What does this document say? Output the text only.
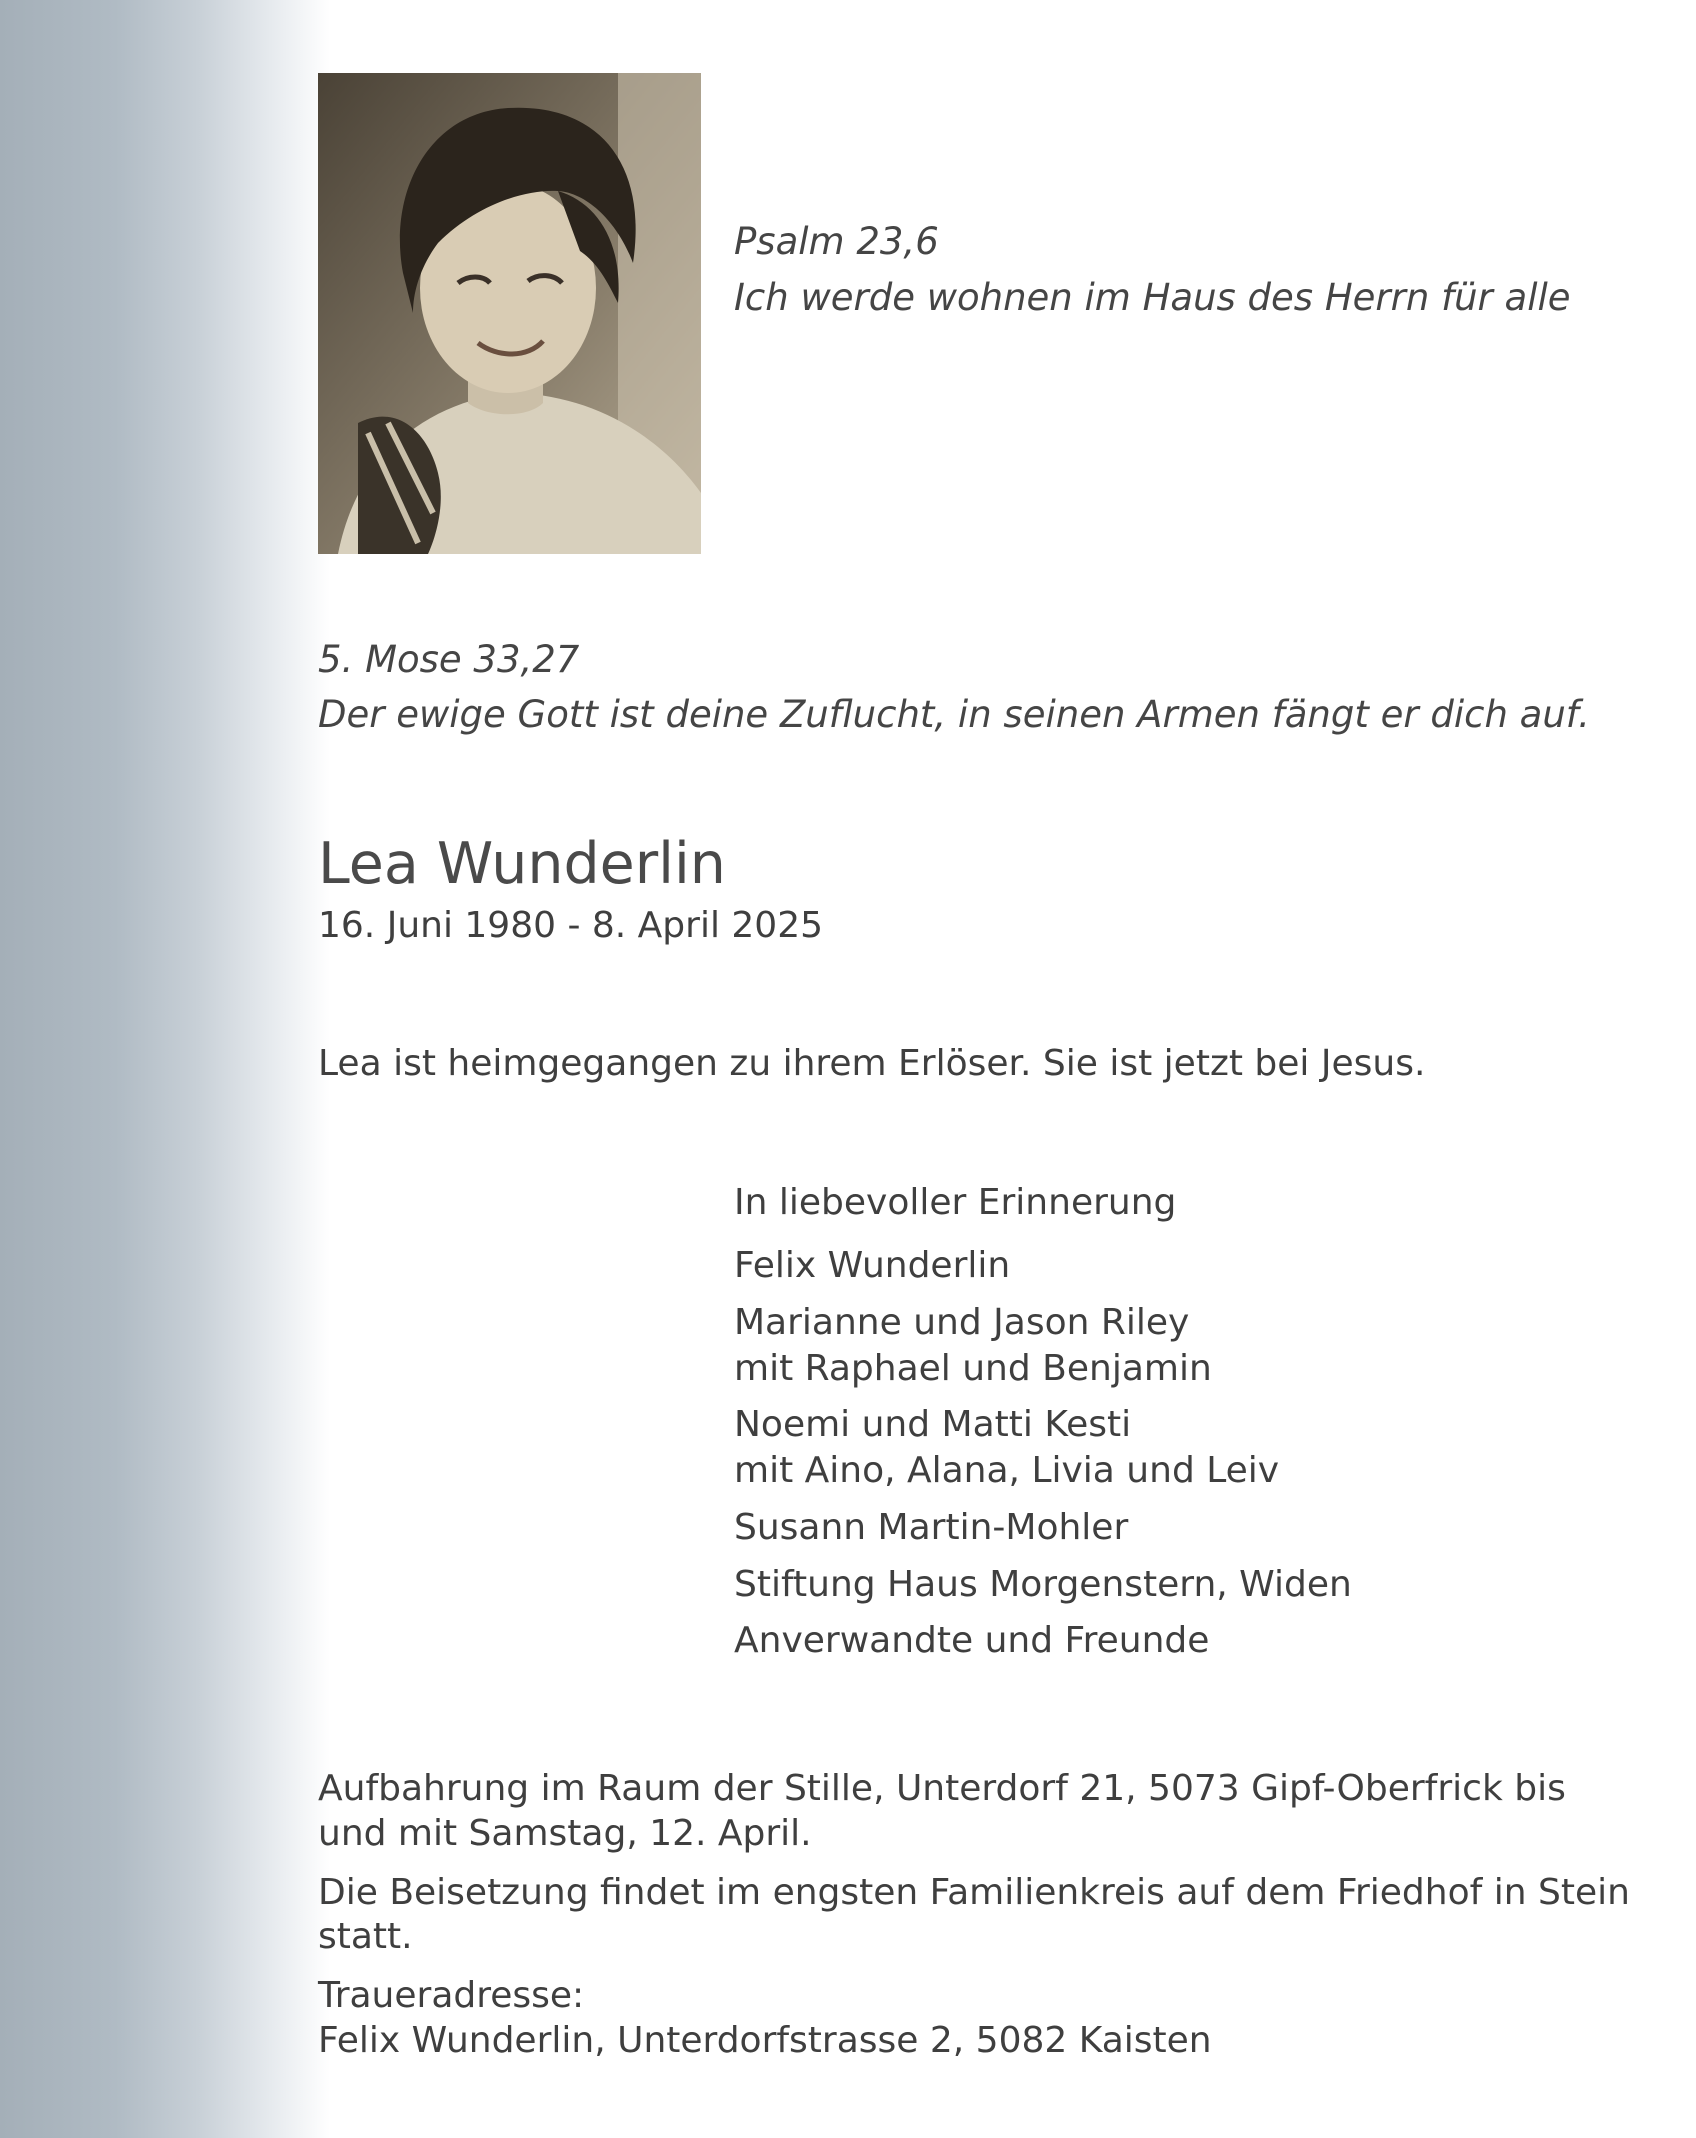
Psalm 23,6

Ich werde wohnen im Haus des Herrn für alle

5. Mose 33,27

Der ewige Gott ist deine Zuflucht, in seinen Armen fängt er dich auf.

Lea Wunderlin

16. Juni 1980 - 8. April 2025

Lea ist heimgegangen zu ihrem Erlöser. Sie ist jetzt bei Jesus.

In liebevoller Erinnerung

Felix Wunderlin

Marianne und Jason Riley

mit Raphael und Benjamin

Noemi und Matti Kesti

mit Aino, Alana, Livia und Leiv

Susann Martin-Mohler

Stiftung Haus Morgenstern, Widen

Anverwandte und Freunde

Aufbahrung im Raum der Stille, Unterdorf 21, 5073 Gipf-Oberfrick bis

und mit Samstag, 12. April.

Die Beisetzung findet im engsten Familienkreis auf dem Friedhof in Stein

statt.

Traueradresse:

Felix Wunderlin, Unterdorfstrasse 2, 5082 Kaisten
